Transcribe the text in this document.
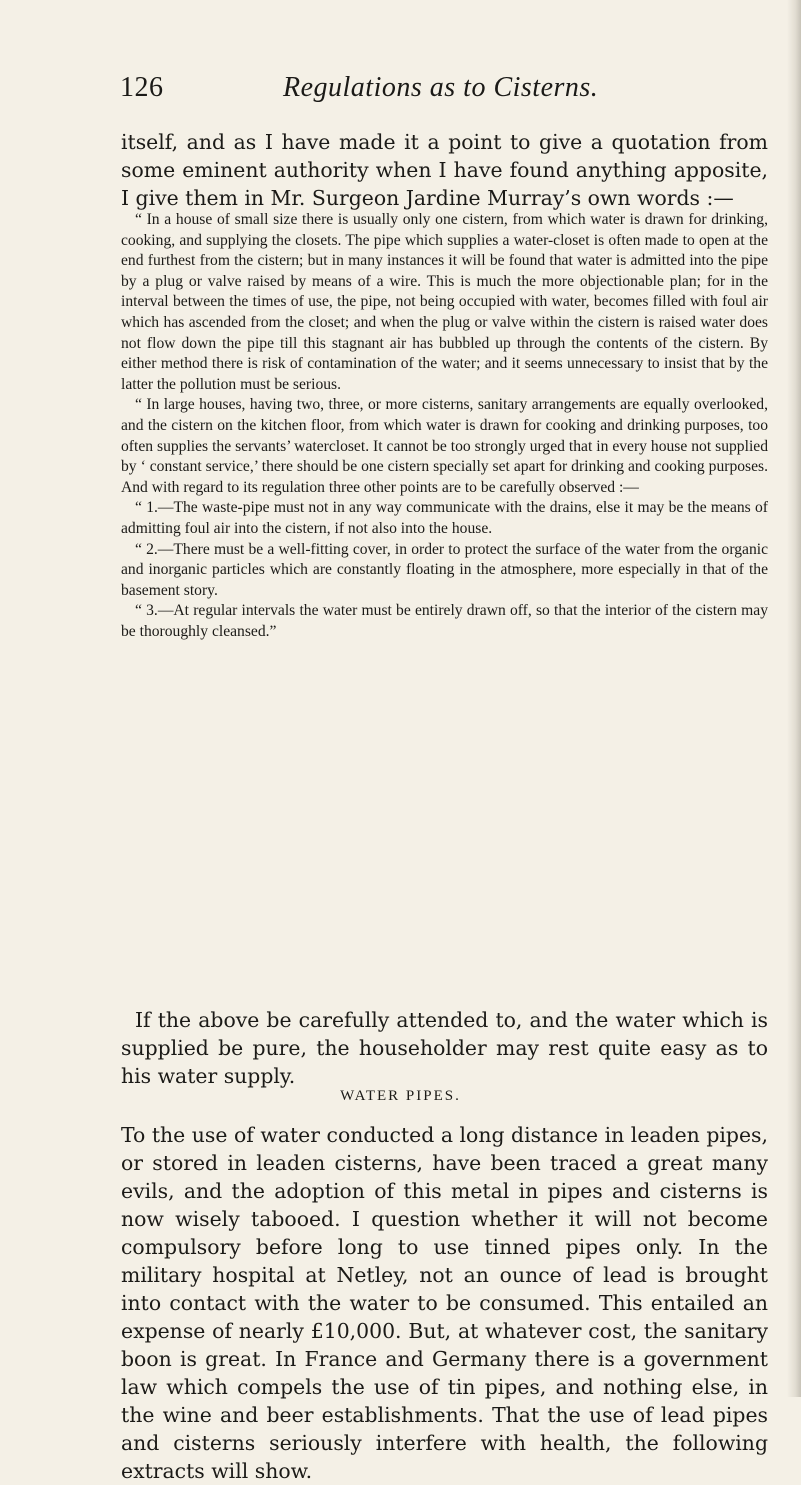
126	Regulations as to Cisterns.

itself, and as I have made it a point to give a quotation from some eminent authority when I have found anything apposite, I give them in Mr. Surgeon Jardine Murray’s own words :—

“ In a house of small size there is usually only one cistern, from which water is drawn for drinking, cooking, and supplying the closets. The pipe which supplies a water-closet is often made to open at the end furthest from the cistern; but in many instances it will be found that water is admitted into the pipe by a plug or valve raised by means of a wire. This is much the more objectionable plan; for in the interval between the times of use, the pipe, not being occupied with water, becomes filled with foul air which has ascended from the closet; and when the plug or valve within the cistern is raised water does not flow down the pipe till this stagnant air has bubbled up through the contents of the cistern. By either method there is risk of contamination of the water; and it seems unnecessary to insist that by the latter the pollution must be serious.

“ In large houses, having two, three, or more cisterns, sanitary arrangements are equally overlooked, and the cistern on the kitchen floor, from which water is drawn for cooking and drinking purposes, too often supplies the servants’ watercloset. It cannot be too strongly urged that in every house not supplied by ‘ constant service,’ there should be one cistern specially set apart for drinking and cooking purposes. And with regard to its regulation three other points are to be carefully observed :—

“ 1.—The waste-pipe must not in any way communicate with the drains, else it may be the means of admitting foul air into the cistern, if not also into the house.

“ 2.—There must be a well-fitting cover, in order to protect the surface of the water from the organic and inorganic particles which are constantly floating in the atmosphere, more especially in that of the basement story.

“ 3.—At regular intervals the water must be entirely drawn off, so that the interior of the cistern may be thoroughly cleansed.”

If the above be carefully attended to, and the water which is supplied be pure, the householder may rest quite easy as to his water supply.

WATER PIPES.

To the use of water conducted a long distance in leaden pipes, or stored in leaden cisterns, have been traced a great many evils, and the adoption of this metal in pipes and cisterns is now wisely tabooed. I question whether it will not become compulsory before long to use tinned pipes only. In the military hospital at Netley, not an ounce of lead is brought into contact with the water to be consumed. This entailed an expense of nearly £10,000. But, at whatever cost, the sanitary boon is great. In France and Germany there is a government law which compels the use of tin pipes, and nothing else, in the wine and beer establishments. That the use of lead pipes and cisterns seriously interfere with health, the following extracts will show.
